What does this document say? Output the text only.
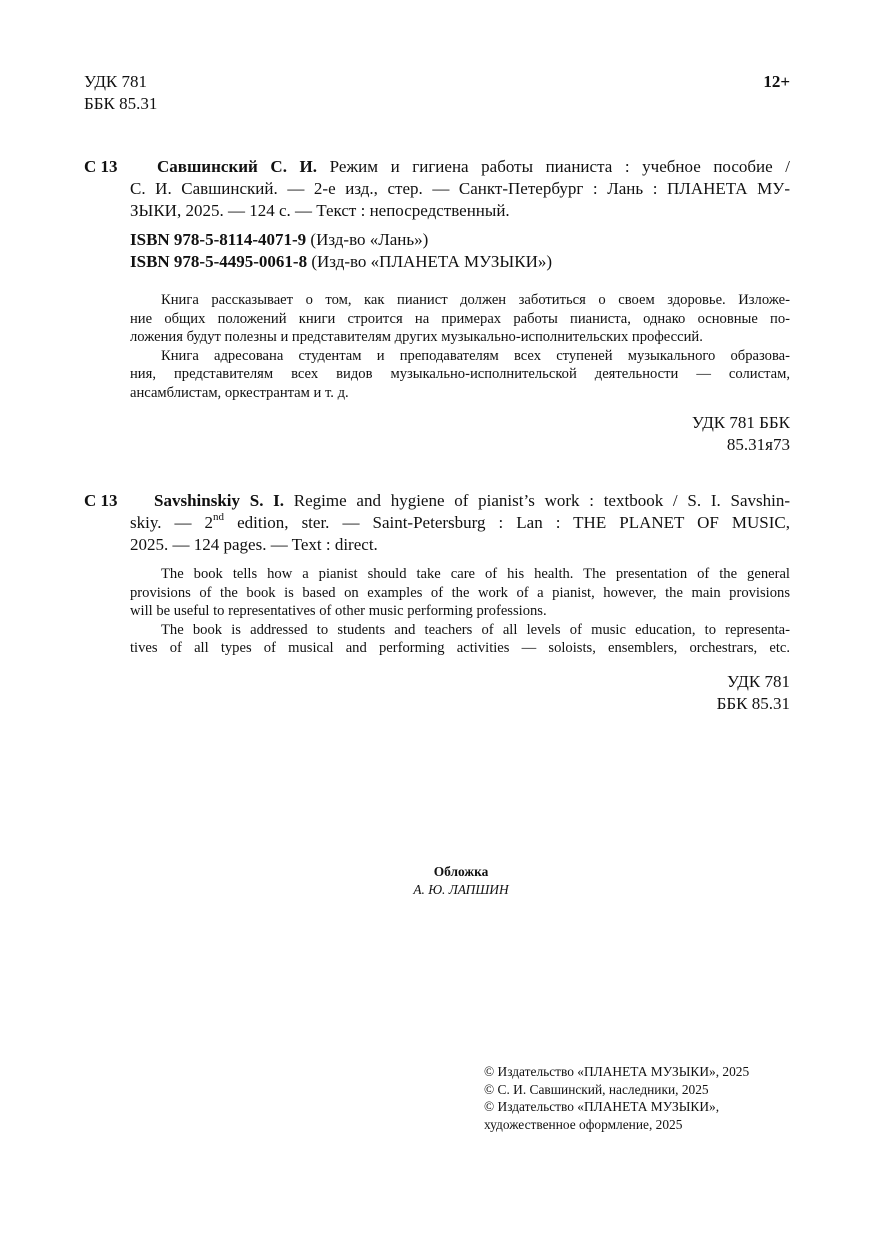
УДК 781
ББК 85.31
12+
С 13 Савшинский С. И. Режим и гигиена работы пианиста : учебное пособие /
С. И. Савшинский. — 2-е изд., стер. — Санкт-Петербург : Лань : ПЛАНЕТА МУ-
ЗЫКИ, 2025. — 124 с. — Текст : непосредственный.
ISBN 978-5-8114-4071-9 (Изд-во «Лань»)
ISBN 978-5-4495-0061-8 (Изд-во «ПЛАНЕТА МУЗЫКИ»)
Книга рассказывает о том, как пианист должен заботиться о своем здоровье. Изложе-
ние общих положений книги строится на примерах работы пианиста, однако основные по-
ложения будут полезны и представителям других музыкально-исполнительских профессий.
Книга адресована студентам и преподавателям всех ступеней музыкального образова-
ния, представителям всех видов музыкально-исполнительской деятельности — солистам,
ансамблистам, оркестрантам и т. д.
УДК 781 ББК
85.31я73
С 13 Savshinskiy S. I. Regime and hygiene of pianist’s work : textbook / S. I. Savshin-
skiy. — 2nd edition, ster. — Saint-Petersburg : Lan : THE PLANET OF MUSIC,
2025. — 124 pages. — Text : direct.
The book tells how a pianist should take care of his health. The presentation of the general
provisions of the book is based on examples of the work of a pianist, however, the main provisions
will be useful to representatives of other music performing professions.
The book is addressed to students and teachers of all levels of music education, to representa-
tives of all types of musical and performing activities — soloists, ensemblers, orchestrars, etc.
УДК 781
ББК 85.31
Обложка
А. Ю. ЛАПШИН
© Издательство «ПЛАНЕТА МУЗЫКИ», 2025
© С. И. Савшинский, наследники, 2025
© Издательство «ПЛАНЕТА МУЗЫКИ»,
художественное оформление, 2025
